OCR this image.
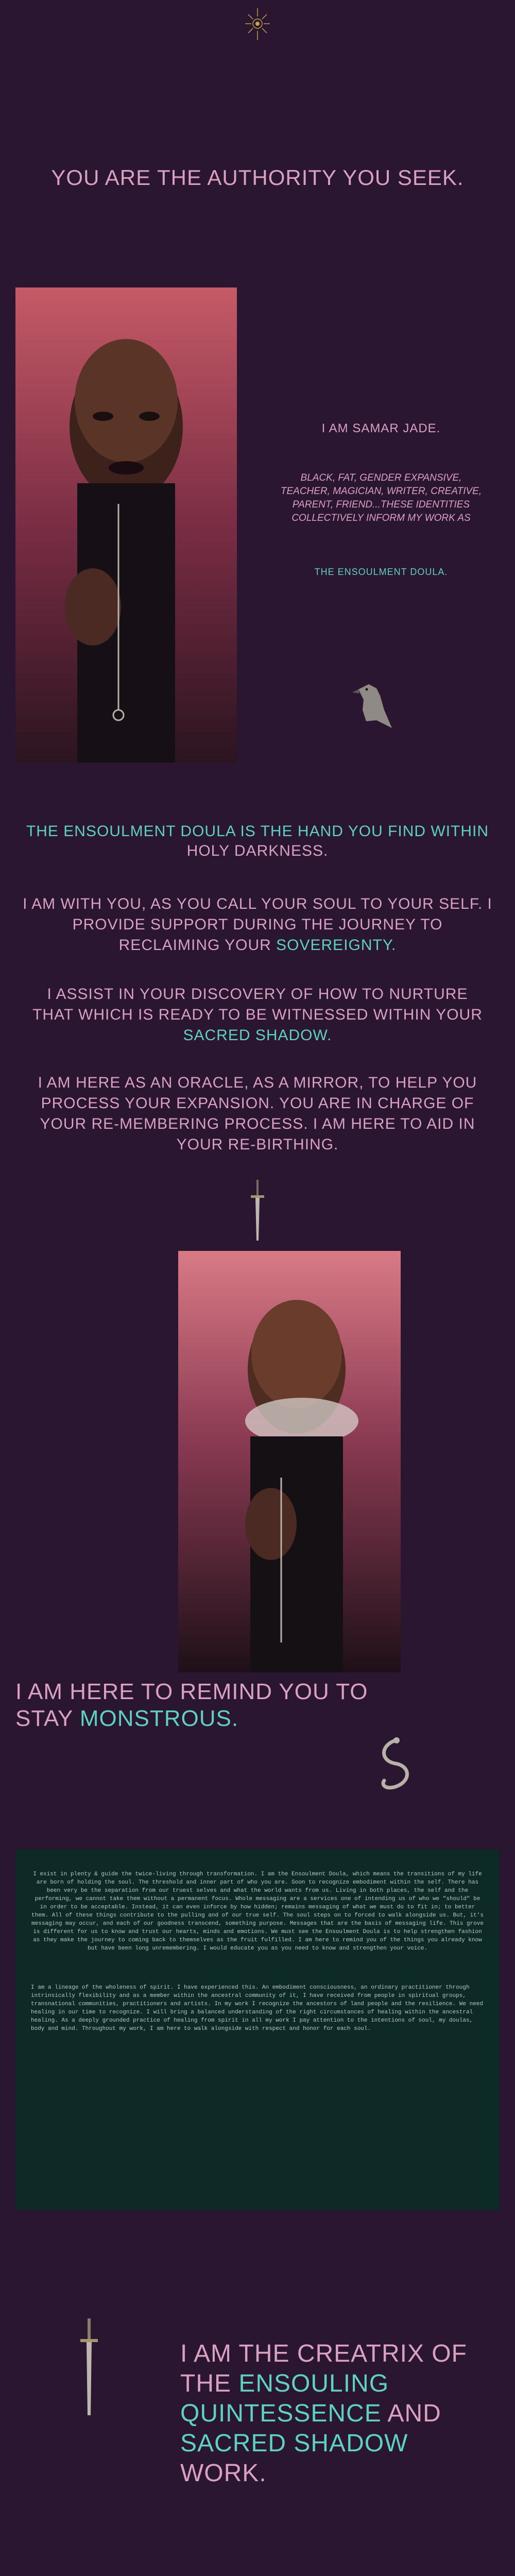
YOU ARE THE AUTHORITY YOU SEEK.
I AM SAMAR JADE.
BLACK, FAT, GENDER EXPANSIVE, TEACHER, MAGICIAN, WRITER, CREATIVE, PARENT, FRIEND...THESE IDENTITIES COLLECTIVELY INFORM MY WORK AS
THE ENSOULMENT DOULA.
THE ENSOULMENT DOULA IS THE HAND YOU FIND WITHIN HOLY DARKNESS.
I AM WITH YOU, AS YOU CALL YOUR SOUL TO YOUR SELF. I PROVIDE SUPPORT DURING THE JOURNEY TO RECLAIMING YOUR SOVEREIGNTY.
I ASSIST IN YOUR DISCOVERY OF HOW TO NURTURE THAT WHICH IS READY TO BE WITNESSED WITHIN YOUR SACRED SHADOW.
I AM HERE AS AN ORACLE, AS A MIRROR, TO HELP YOU PROCESS YOUR EXPANSION. YOU ARE IN CHARGE OF YOUR RE-MEMBERING PROCESS. I AM HERE TO AID IN YOUR RE-BIRTHING.
I AM HERE TO REMIND YOU TO STAY MONSTROUS.
I exist in plenty & guide the twice-living through transformation. I am the Ensoulment Doula, which means the transitions of my life are born of holding the soul. The threshold and inner part of who you are. Soon to recognize embodiment within the self. There has been very be the separation from our truest selves and what the world wants from us. Living in both places, the self and the performing, we cannot take them without a permanent focus. Whole messaging are a services one of intending us of who we "should" be in order to be acceptable. Instead, it can even inforce by how hidden; remains messaging of what we must do to fit in; to better them. All of these things contribute to the pulling and of our true self. The soul steps on to forced to walk alongside us. But, it's messaging may occur, and each of our goodness transcend, something purpose. Messages that are the basis of messaging life. This grove is different for us to know and trust our hearts, minds and emotions. We must see the Ensoulment Doula is to help strengthen fashion as they make the journey to coming back to themselves as the fruit fulfilled. I am here to remind you of the things you already know but have been long unremembering. I would educate you as you need to know and strengthen your voice.
I am a lineage of the wholeness of spirit. I have experienced this. An embodiment consciousness, an ordinary practitioner through intrinsically flexibility and as a member within the ancestral community of it, I have received from people in spiritual groups, transnational communities, practitioners and artists. In my work I recognize the ancestors of land people and the resilience. We need healing in our time to recognize. I will bring a balanced understanding of the right circumstances of healing within the ancestral healing. As a deeply grounded practice of healing from spirit in all my work I pay attention to the intentions of soul, my doulas, body and mind. Throughout my work, I am here to walk alongside with respect and honor for each soul.
I AM THE CREATRIX OF THE ENSOULING QUINTESSENCE AND SACRED SHADOW WORK.
